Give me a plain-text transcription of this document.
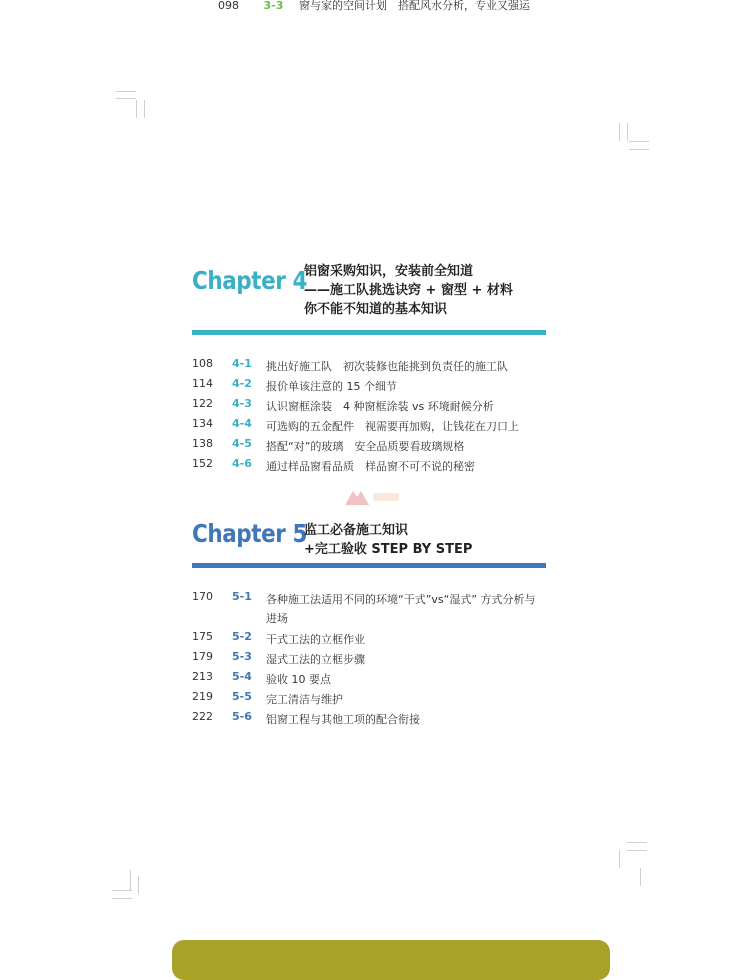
098 3-3 窗与家的空间计划　搭配风水分析，专业又强运
Chapter 4
铝窗采购知识，安装前全知道
——施工队挑选诀窍 + 窗型 + 材料
你不能不知道的基本知识
108 4-1 挑出好施工队　初次装修也能挑到负责任的施工队
114 4-2 报价单该注意的 15 个细节
122 4-3 认识窗框涂装　4 种窗框涂装 vs 环境耐候分析
134 4-4 可选购的五金配件　视需要再加购，让钱花在刀口上
138 4-5 搭配“对”的玻璃　安全品质要看玻璃规格
152 4-6 通过样品窗看品质　样品窗不可不说的秘密
Chapter 5
监工必备施工知识
+完工验收 STEP BY STEP
170 5-1 各种施工法适用不同的环境“干式”vs“湿式” 方式分析与进场
175 5-2 干式工法的立框作业
179 5-3 湿式工法的立框步骤
213 5-4 验收 10 要点
219 5-5 完工清洁与维护
222 5-6 铝窗工程与其他工项的配合衔接
